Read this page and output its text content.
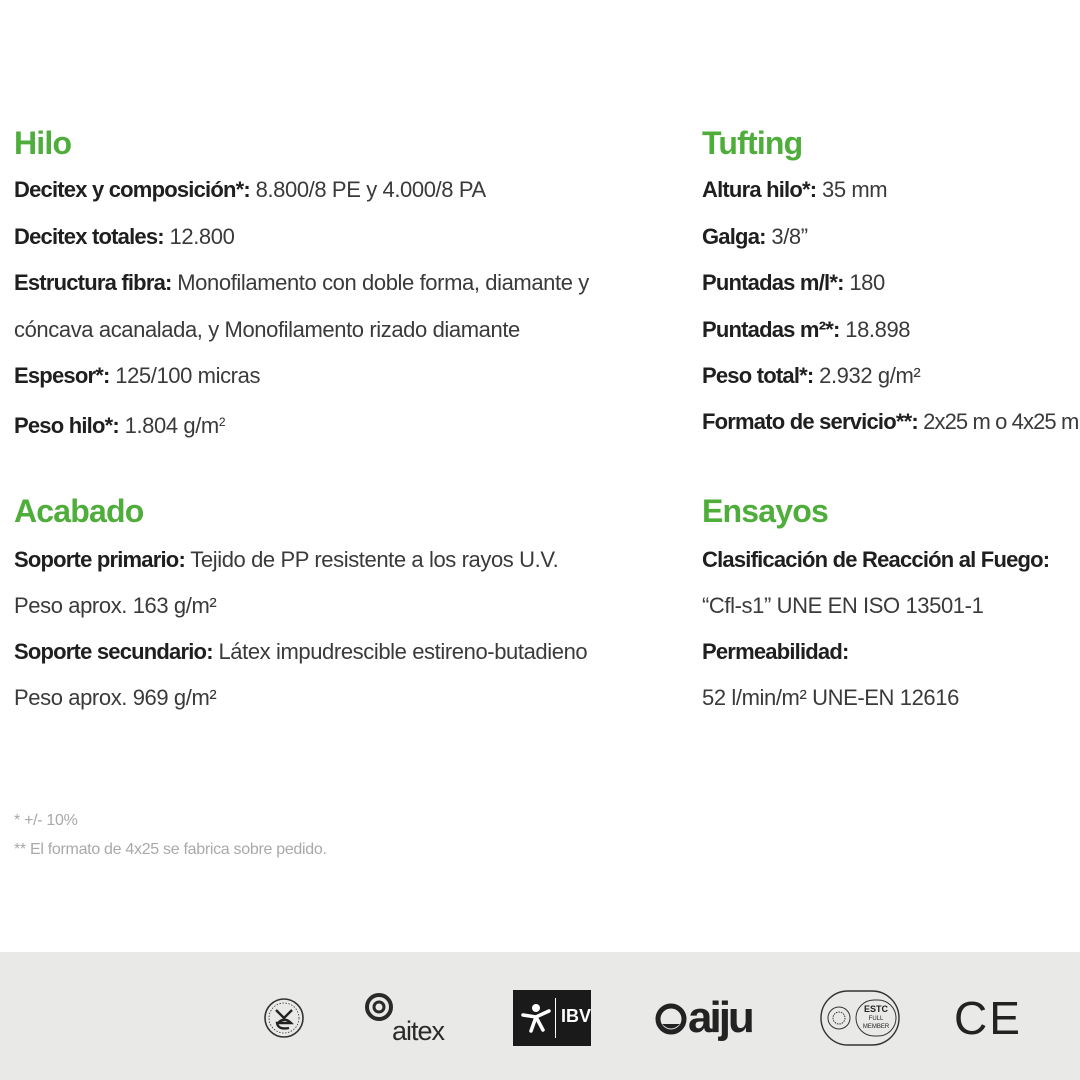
Hilo
Decitex y composición*: 8.800/8 PE y 4.000/8 PA
Decitex totales: 12.800
Estructura fibra: Monofilamento con doble forma, diamante y
cóncava acanalada, y Monofilamento rizado diamante
Espesor*: 125/100 micras
Peso hilo*: 1.804 $g/m^2$
Tufting
Altura hilo*: 35 mm
Galga: 3/8”
Puntadas m/l*: 180
Puntadas m²*: 18.898
Peso total*: 2.932 g/m²
Formato de servicio**: 2x25 m o 4x25 m
Acabado
Soporte primario: Tejido de PP resistente a los rayos U.V.
Peso aprox. 163 g/m²
Soporte secundario: Látex impudrescible estireno-butadieno
Peso aprox. 969 g/m²
Ensayos
Clasificación de Reacción al Fuego:
“Cfl-s1” UNE EN ISO 13501-1
Permeabilidad:
52 l/min/m² UNE-EN 12616
* +/- 10%
** El formato de 4x25 se fabrica sobre pedido.
aitex	IBV aiju	ESTC
FULL
MEMBER CE
